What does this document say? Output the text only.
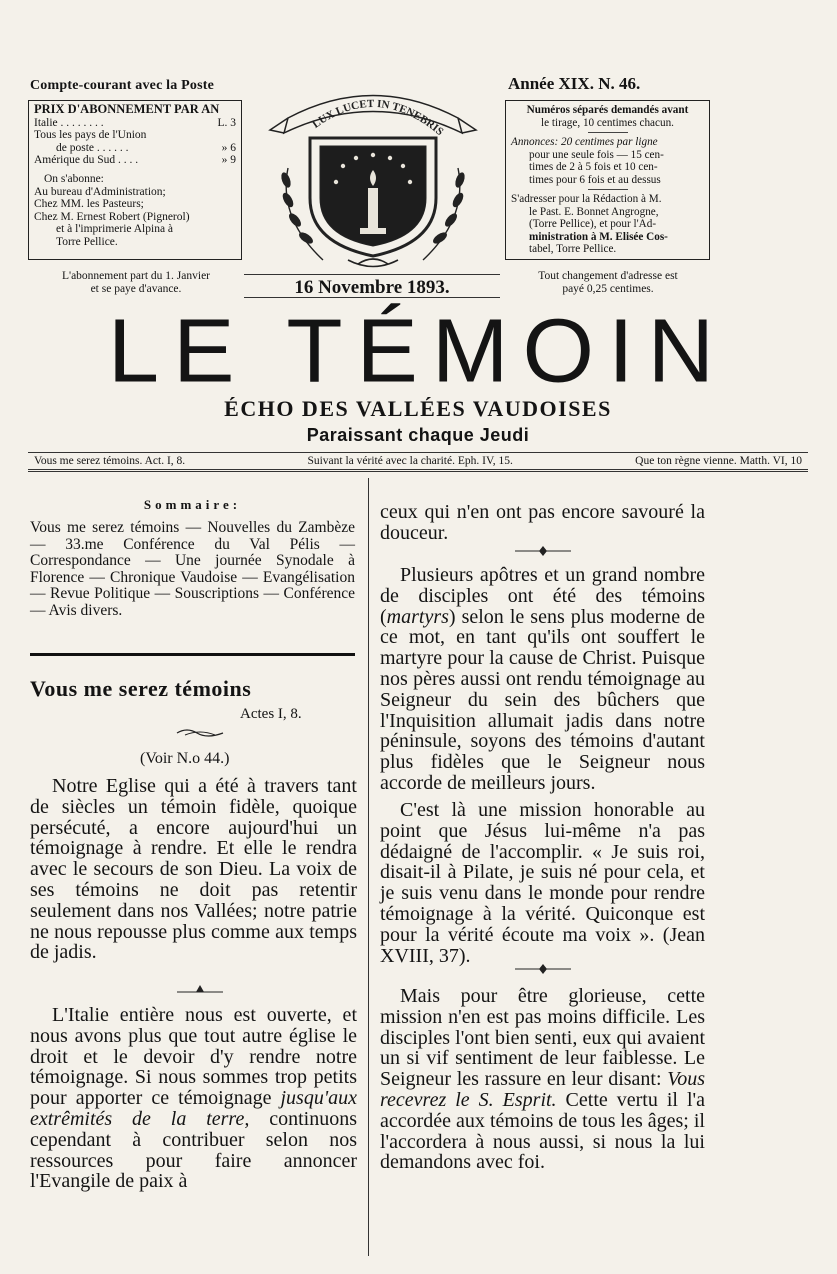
Compte-courant avec la Poste
PRIX D'ABONNEMENT PAR AN
Italie . . . . . . . .	L. 3
Tous les pays de l'Union
de poste . . . . . .	» 6
Amérique du Sud . . . .	» 9
On s'abonne:
Au bureau d'Administration;
Chez MM. les Pasteurs;
Chez M. Ernest Robert (Pignerol)
et à l'imprimerie Alpina à
Torre Pellice.
L'abonnement part du 1. Janvier
et se paye d'avance.
LUX LUCET IN TENEBRIS
16 Novembre 1893.
Année XIX. N. 46.
Numéros séparés demandés avant
le tirage, 10 centimes chacun.
Annonces: 20 centimes par ligne
pour une seule fois — 15 cen-
times de 2 à 5 fois et 10 cen-
times pour 6 fois et au dessus
S'adresser pour la Rédaction à M.
le Past. E. Bonnet Angrogne,
(Torre Pellice), et pour l'Ad-
ministration à M. Elisée Cos-
tabel, Torre Pellice.
Tout changement d'adresse est
payé 0,25 centimes.
LE TÉMOIN
ÉCHO DES VALLÉES VAUDOISES
Paraissant chaque Jeudi
Vous me serez témoins. Act. I, 8.	Suivant la vérité avec la charité. Eph. IV, 15.	Que ton règne vienne. Matth. VI, 10
Sommaire:
Vous me serez témoins — Nouvelles du Zambèze — 33.me Conférence du Val Pélis — Correspondance — Une journée Synodale à Florence — Chronique Vaudoise — Evangélisation — Revue Politique — Souscriptions — Conférence — Avis divers.
Vous me serez témoins
Actes I, 8.
(Voir N.o 44.)
Notre Eglise qui a été à travers tant de siècles un témoin fidèle, quoique persécuté, a encore aujourd'hui un témoignage à rendre. Et elle le rendra avec le secours de son Dieu. La voix de ses témoins ne doit pas retentir seulement dans nos Vallées; notre patrie ne nous repousse plus comme aux temps de jadis.
L'Italie entière nous est ouverte, et nous avons plus que tout autre église le droit et le devoir d'y rendre notre témoignage. Si nous sommes trop petits pour apporter ce témoignage jusqu'aux extrêmités de la terre, continuons cependant à contribuer selon nos ressources pour faire annoncer l'Evangile de paix à
ceux qui n'en ont pas encore savouré la douceur.
Plusieurs apôtres et un grand nombre de disciples ont été des témoins (martyrs) selon le sens plus moderne de ce mot, en tant qu'ils ont souffert le martyre pour la cause de Christ. Puisque nos pères aussi ont rendu témoignage au Seigneur du sein des bûchers que l'Inquisition allumait jadis dans notre péninsule, soyons des témoins d'autant plus fidèles que le Seigneur nous accorde de meilleurs jours.
C'est là une mission honorable au point que Jésus lui-même n'a pas dédaigné de l'accomplir. « Je suis roi, disait-il à Pilate, je suis né pour cela, et je suis venu dans le monde pour rendre témoignage à la vérité. Quiconque est pour la vérité écoute ma voix ». (Jean XVIII, 37).
Mais pour être glorieuse, cette mission n'en est pas moins difficile. Les disciples l'ont bien senti, eux qui avaient un si vif sentiment de leur faiblesse. Le Seigneur les rassure en leur disant: Vous recevrez le S. Esprit. Cette vertu il l'a accordée aux témoins de tous les âges; il l'accordera à nous aussi, si nous la lui demandons avec foi.
